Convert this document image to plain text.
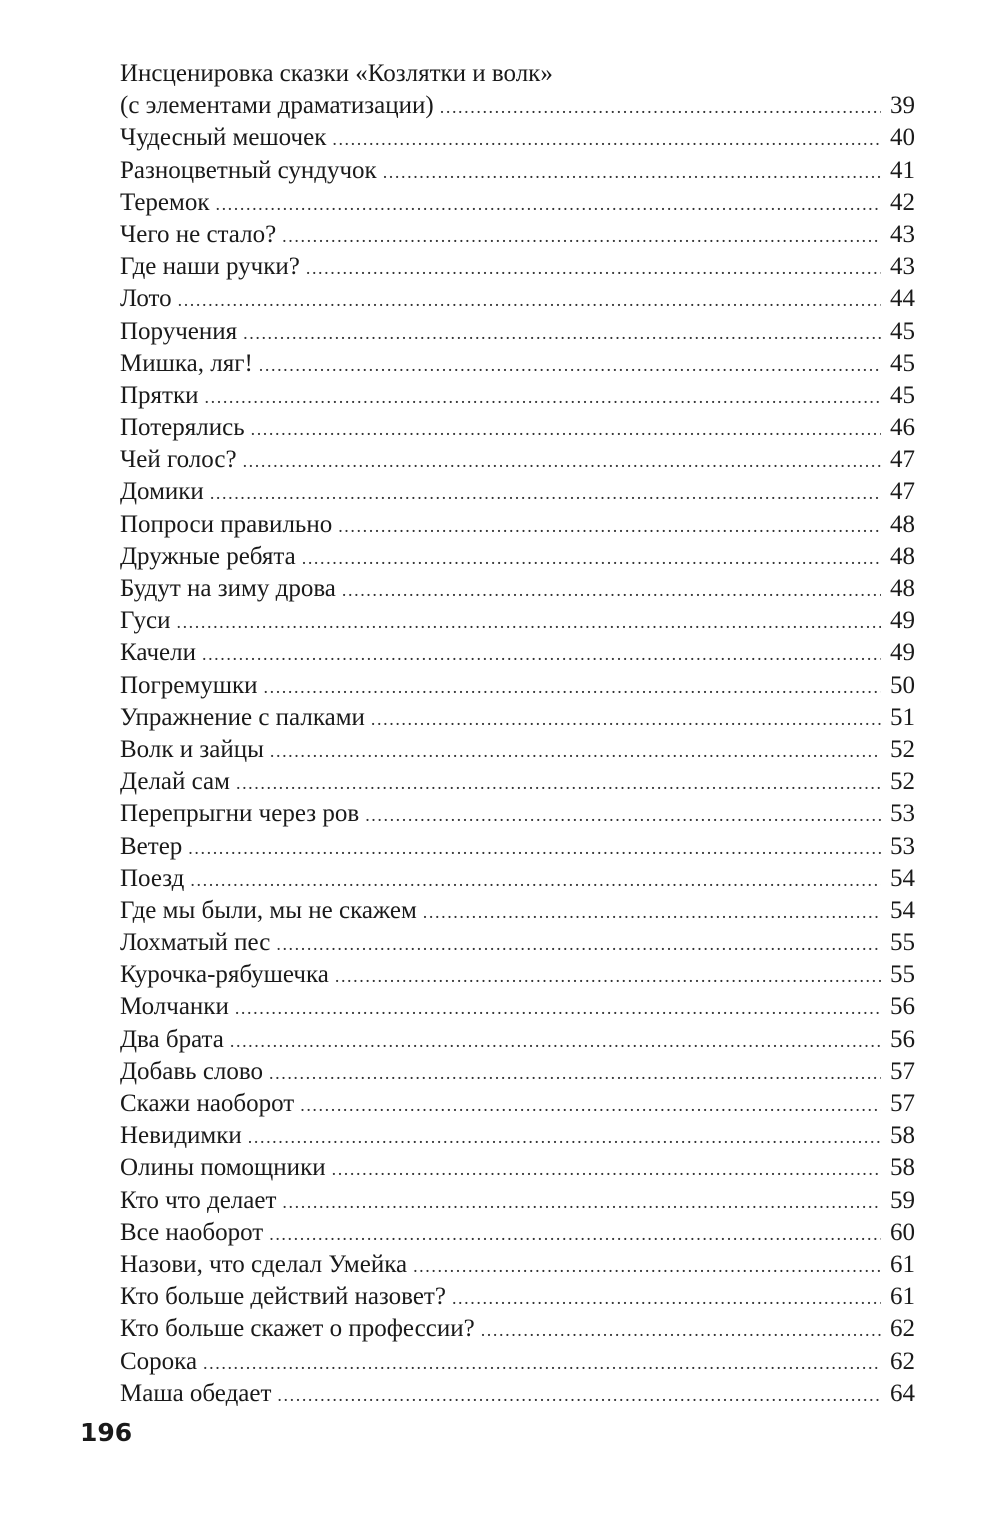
Инсценировка сказки «Козлятки и волк»
(с элементами драматизации) .....	39
Чудесный мешочек .....	40
Разноцветный сундучок .....	41
Теремок .....	42
Чего не стало? .....	43
Где наши ручки? .....	43
Лото .....	44
Поручения .....	45
Мишка, ляг! .....	45
Прятки .....	45
Потерялись .....	46
Чей голос? .....	47
Домики .....	47
Попроси правильно .....	48
Дружные ребята .....	48
Будут на зиму дрова .....	48
Гуси .....	49
Качели .....	49
Погремушки .....	50
Упражнение с палками .....	51
Волк и зайцы .....	52
Делай сам .....	52
Перепрыгни через ров .....	53
Ветер .....	53
Поезд .....	54
Где мы были, мы не скажем .....	54
Лохматый пес .....	55
Курочка-рябушечка .....	55
Молчанки .....	56
Два брата .....	56
Добавь слово .....	57
Скажи наоборот .....	57
Невидимки .....	58
Олины помощники .....	58
Кто что делает .....	59
Все наоборот .....	60
Назови, что сделал Умейка .....	61
Кто больше действий назовет? .....	61
Кто больше скажет о профессии? .....	62
Сорока .....	62
Маша обедает .....	64
196
